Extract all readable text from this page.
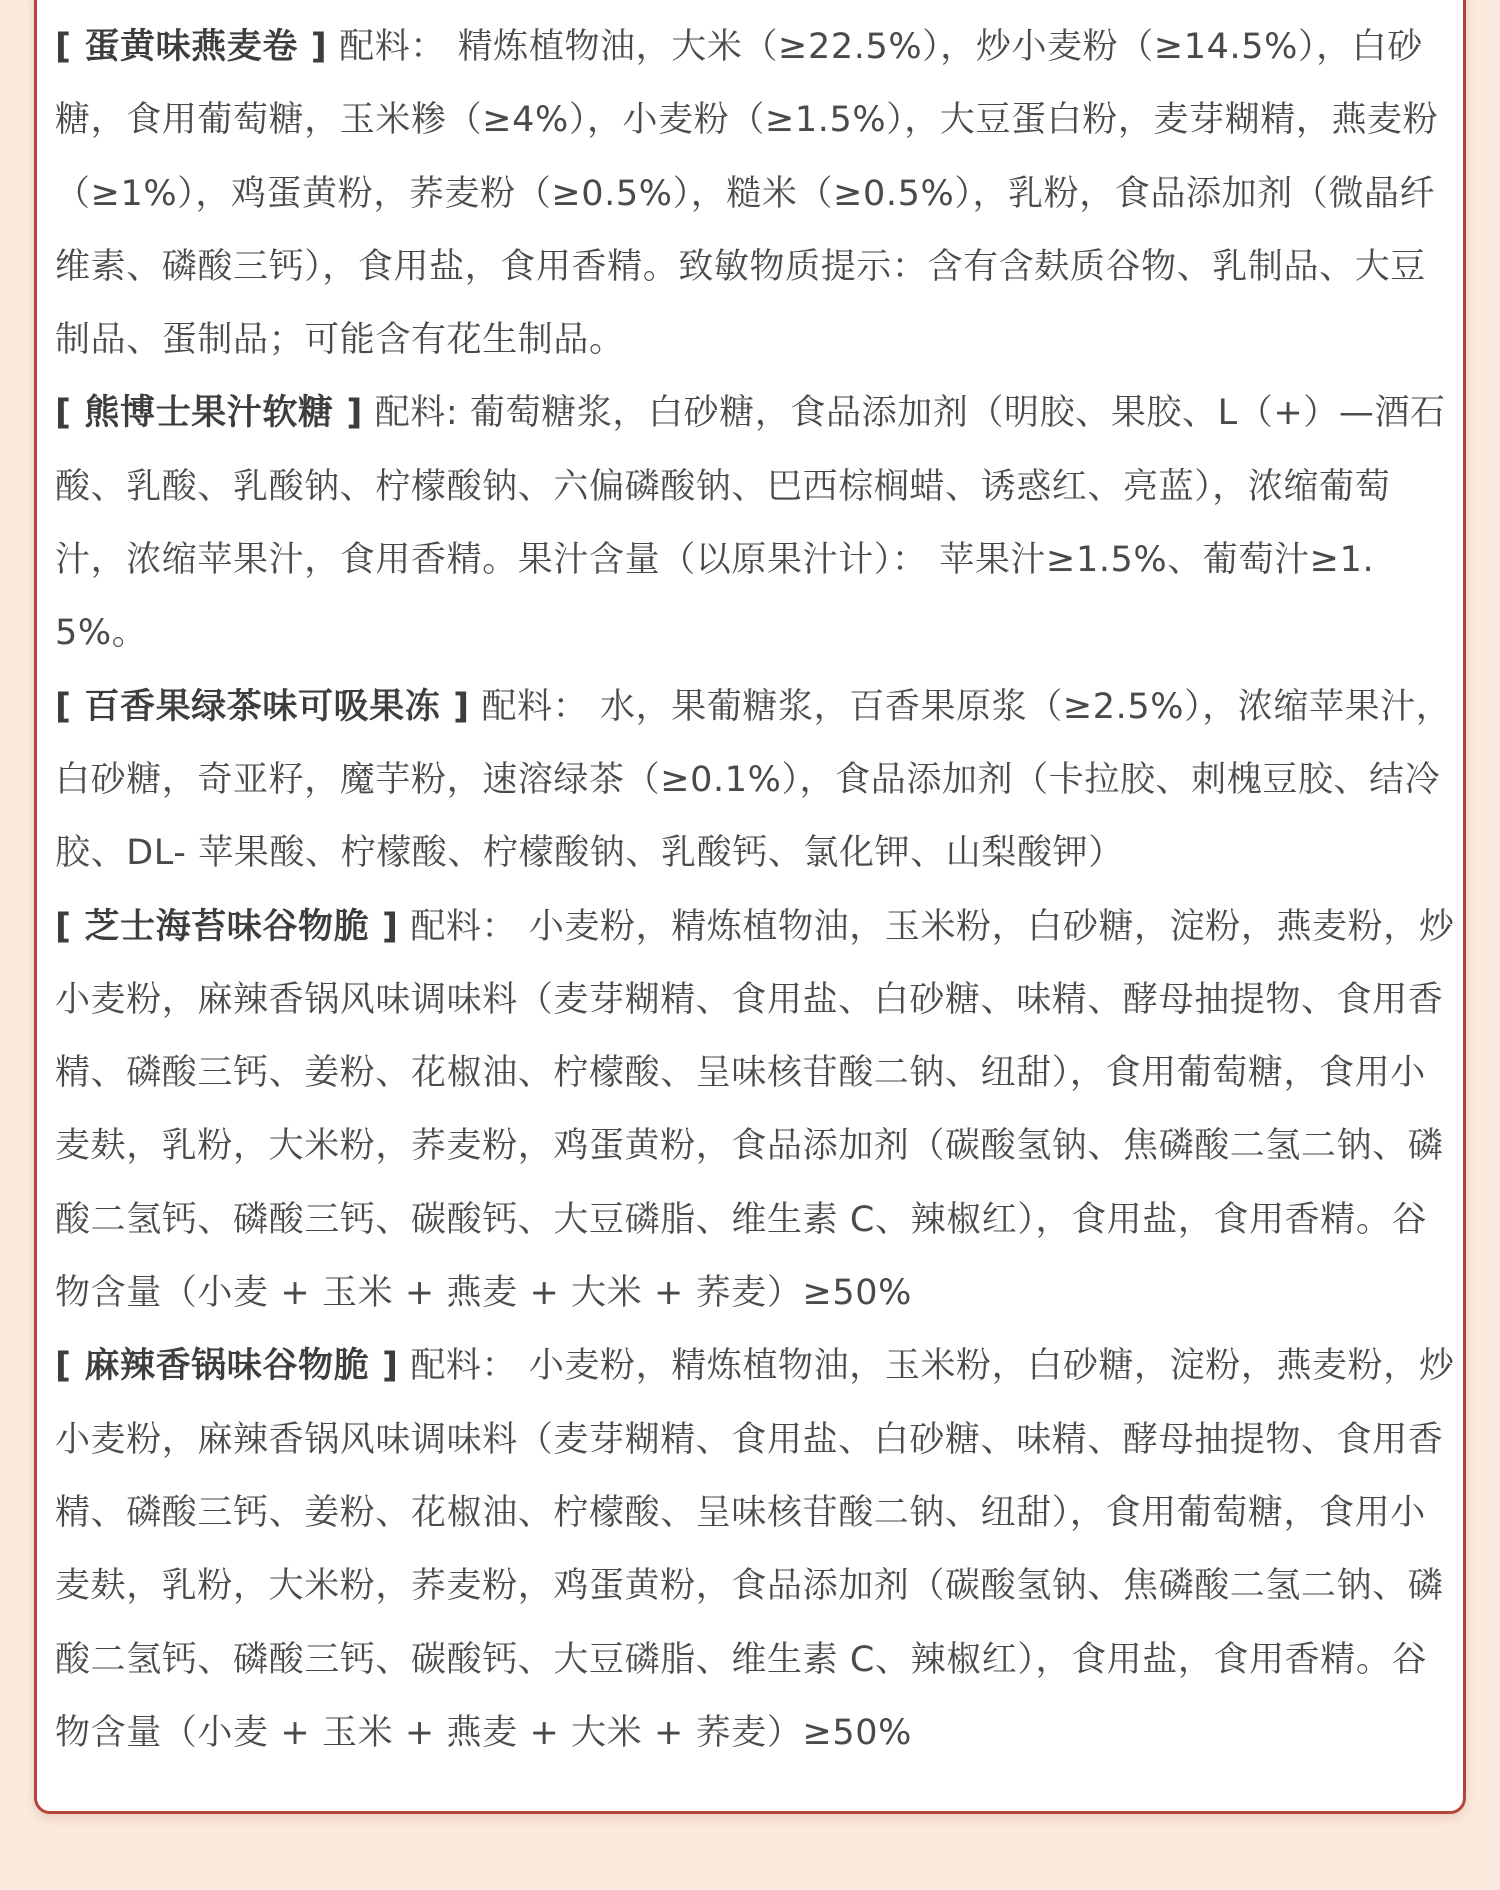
[ 蛋黄味燕麦卷 ] 配料： 精炼植物油，大米（≥22.5%），炒小麦粉（≥14.5%），白砂糖，食用葡萄糖，玉米糁（≥4%），小麦粉（≥1.5%），大豆蛋白粉，麦芽糊精，燕麦粉（≥1%），鸡蛋黄粉，荞麦粉（≥0.5%），糙米（≥0.5%），乳粉，食品添加剂（微晶纤维素、磷酸三钙），食用盐，食用香精。致敏物质提示：含有含麸质谷物、乳制品、大豆制品、蛋制品；可能含有花生制品。

[ 熊博士果汁软糖 ] 配料: 葡萄糖浆，白砂糖，食品添加剂（明胶、果胶、L（+）—酒石酸、乳酸、乳酸钠、柠檬酸钠、六偏磷酸钠、巴西棕榈蜡、诱惑红、亮蓝），浓缩葡萄汁，浓缩苹果汁，食用香精。果汁含量（以原果汁计）： 苹果汁≥1.5%、葡萄汁≥1.5%。

[ 百香果绿茶味可吸果冻 ] 配料： 水，果葡糖浆，百香果原浆（≥2.5%），浓缩苹果汁，白砂糖，奇亚籽，魔芋粉，速溶绿茶（≥0.1%），食品添加剂（卡拉胶、刺槐豆胶、结冷胶、DL- 苹果酸、柠檬酸、柠檬酸钠、乳酸钙、氯化钾、山梨酸钾）

[ 芝士海苔味谷物脆 ] 配料： 小麦粉，精炼植物油，玉米粉，白砂糖，淀粉，燕麦粉，炒小麦粉，麻辣香锅风味调味料（麦芽糊精、食用盐、白砂糖、味精、酵母抽提物、食用香精、磷酸三钙、姜粉、花椒油、柠檬酸、呈味核苷酸二钠、纽甜），食用葡萄糖，食用小麦麸，乳粉，大米粉，荞麦粉，鸡蛋黄粉，食品添加剂（碳酸氢钠、焦磷酸二氢二钠、磷酸二氢钙、磷酸三钙、碳酸钙、大豆磷脂、维生素 C、辣椒红），食用盐，食用香精。谷物含量（小麦 + 玉米 + 燕麦 + 大米 + 荞麦）≥50%

[ 麻辣香锅味谷物脆 ] 配料： 小麦粉，精炼植物油，玉米粉，白砂糖，淀粉，燕麦粉，炒小麦粉，麻辣香锅风味调味料（麦芽糊精、食用盐、白砂糖、味精、酵母抽提物、食用香精、磷酸三钙、姜粉、花椒油、柠檬酸、呈味核苷酸二钠、纽甜），食用葡萄糖，食用小麦麸，乳粉，大米粉，荞麦粉，鸡蛋黄粉，食品添加剂（碳酸氢钠、焦磷酸二氢二钠、磷酸二氢钙、磷酸三钙、碳酸钙、大豆磷脂、维生素 C、辣椒红），食用盐，食用香精。谷物含量（小麦 + 玉米 + 燕麦 + 大米 + 荞麦）≥50%
